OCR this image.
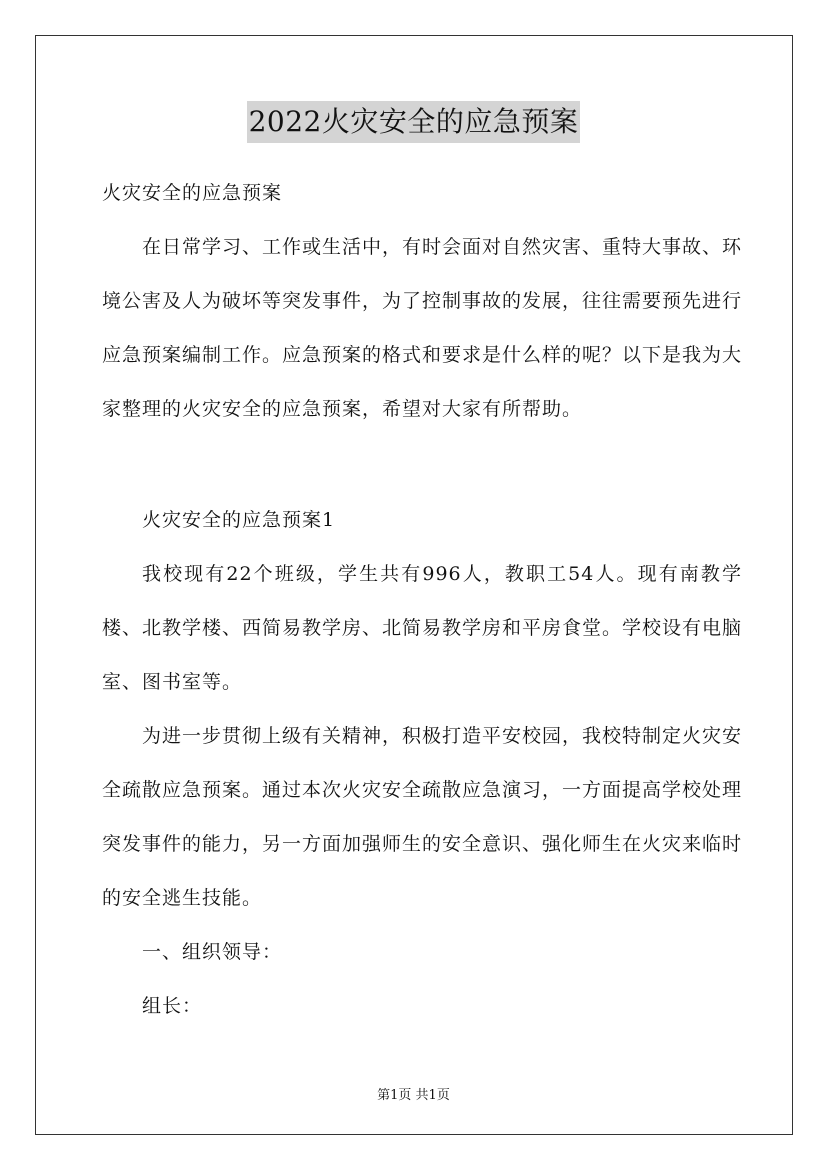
2022火灾安全的应急预案

火灾安全的应急预案

在日常学习、工作或生活中，有时会面对自然灾害、重特大事故、环境公害及人为破坏等突发事件，为了控制事故的发展，往往需要预先进行应急预案编制工作。应急预案的格式和要求是什么样的呢？以下是我为大家整理的火灾安全的应急预案，希望对大家有所帮助。

火灾安全的应急预案1

我校现有22个班级，学生共有996人，教职工54人。现有南教学楼、北教学楼、西简易教学房、北简易教学房和平房食堂。学校设有电脑室、图书室等。

为进一步贯彻上级有关精神，积极打造平安校园，我校特制定火灾安全疏散应急预案。通过本次火灾安全疏散应急演习，一方面提高学校处理突发事件的能力，另一方面加强师生的安全意识、强化师生在火灾来临时的安全逃生技能。

一、组织领导：

组长：

第1页 共1页
